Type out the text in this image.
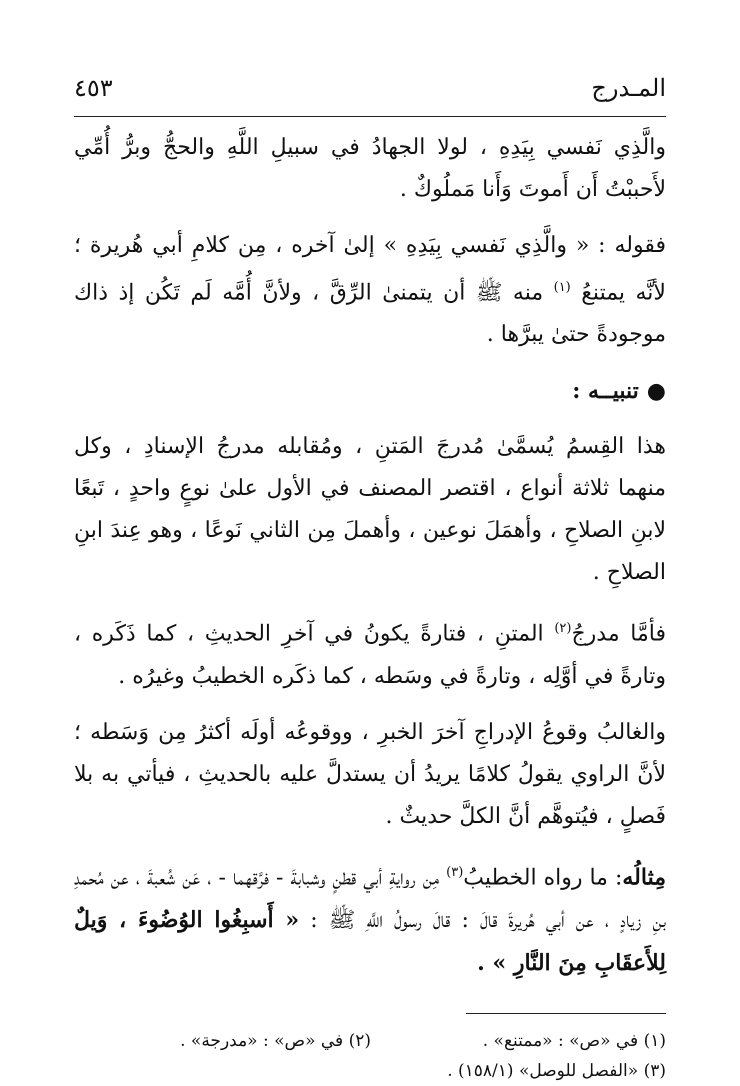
المـدرج
٤٥٣

والَّذِي نَفسي بِيَدِهِ ، لولا الجهادُ في سبيلِ اللَّهِ والحجُّ وبرُّ أُمِّي لأَحببْتُ أَن أَموتَ وَأَنا مَملُوكٌ .

فقوله : « والَّذِي نَفسي بِيَدِهِ » إلىٰ آخره ، مِن كلامِ أبي هُريرة ؛ لأنَّه يمتنعُ $^{(١)}$ منه ﷺ أن يتمنىٰ الرِّقَّ ، ولأنَّ أُمَّه لَم تَكُن إذ ذاك موجودةً حتىٰ يبرَّها .

●تنبيــه :

هذا القِسمُ يُسمَّىٰ مُدرجَ المَتنِ ، ومُقابله مدرجُ الإسنادِ ، وكل منهما ثلاثة أنواع ، اقتصر المصنف في الأول علىٰ نوعٍ واحدٍ ، تَبعًا لابنِ الصلاحِ ، وأهمَلَ نوعين ، وأهملَ مِن الثاني نَوعًا ، وهو عِندَ ابنِ الصلاحِ .

فأمَّا مدرجُ$^{(٢)}$ المتنِ ، فتارةً يكونُ في آخرِ الحديثِ ، كما ذَكَره ، وتارةً في أوَّلِه ، وتارةً في وسَطه ، كما ذكَره الخطيبُ وغيرُه .

والغالبُ وقوعُ الإدراجِ آخرَ الخبرِ ، ووقوعُه أولَه أكثرُ مِن وَسَطه ؛ لأنَّ الراوي يقولُ كلامًا يريدُ أن يستدلَّ عليه بالحديثِ ، فيأتي به بلا فَصلٍ ، فيُتوهَّم أنَّ الكلَّ حديثٌ .

مِثالُه: ما رواه الخطيبُ$^{(٣)}$ مِن روايةِ أبي قطنٍ وشبابةَ - فرَّقهما - ، عَن شُعبةَ ، عن مُحمدِ بنِ زيادٍ ، عن أبي هُريرةَ قالَ : قالَ رسولُ اللَّهِ ﷺ : « أَسبِغُوا الوُضُوءَ ، وَيلٌ لِلأَعقَابِ مِنَ النَّارِ » .

(١) في «ص» : «ممتنع» .
(٢) في «ص» : «مدرجة» .
(٣) «الفصل للوصل» (١٥٨/١) .
